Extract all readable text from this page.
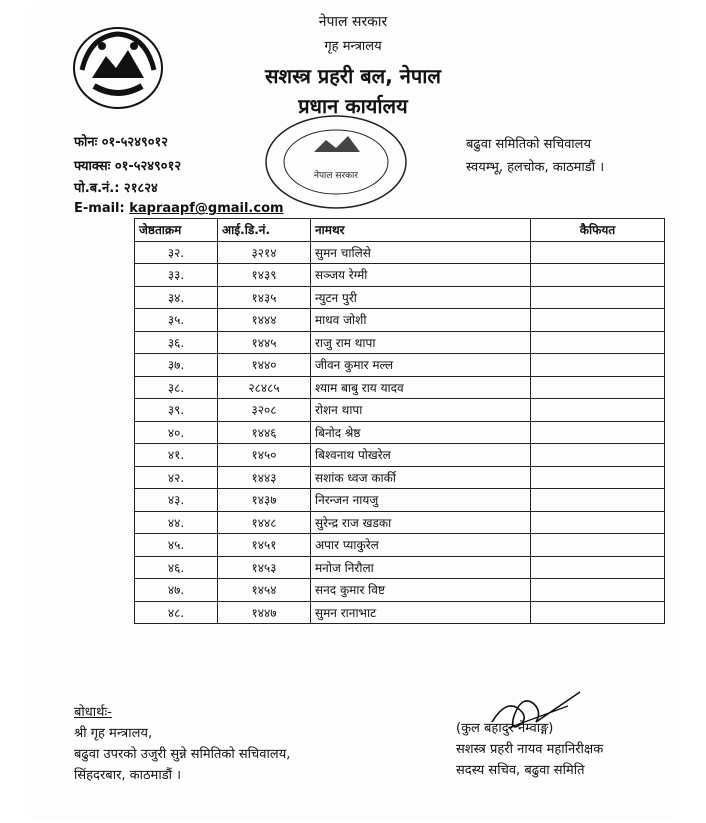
नेपाल सरकार
गृह मन्त्रालय
सशस्त्र प्रहरी बल, नेपाल
प्रधान कार्यालय
नेपाल सरकार
फोनः ०१-५२४९०१२
फ्याक्सः ०१-५२४९०१२
पो.ब.नं.: २१८२४
E-mail: kapraapf@gmail.com
बढुवा समितिको सचिवालय
स्वयम्भू, हलचोक, काठमाडौं ।
जेष्ठताक्रम	आई.डि.नं.	नामथर	कैफियत
३२.	३२१४	सुमन चालिसे	
३३.	१४३९	सञ्जय रेग्मी	
३४.	१४३५	न्युटन पुरी	
३५.	१४४४	माधव जोशी	
३६.	१४४५	राजु राम थापा	
३७.	१४४०	जीवन कुमार मल्ल	
३८.	२८४८५	श्याम बाबु राय यादव	
३९.	३२०८	रोशन थापा	
४०.	१४४६	बिनोद श्रेष्ठ	
४१.	१४५०	बिश्वनाथ पोखरेल	
४२.	१४४३	सशांक ध्वज कार्की	
४३.	१४३७	निरन्जन नायजु	
४४.	१४४८	सुरेन्द्र राज खडका	
४५.	१४५१	अपार प्याकुरेल	
४६.	१४५३	मनोज निरौला	
४७.	१४५४	सनद कुमार विष्ट	
४८.	१४४७	सुमन रानाभाट	
बोधार्थः-
श्री गृह मन्त्रालय,
बढुवा उपरको उजुरी सुन्ने समितिको सचिवालय,
सिंहदरबार, काठमाडौं ।
(कुल बहादुर नेम्वाङ्ग)
सशस्त्र प्रहरी नायव महानिरीक्षक
सदस्य सचिव, बढुवा समिति
